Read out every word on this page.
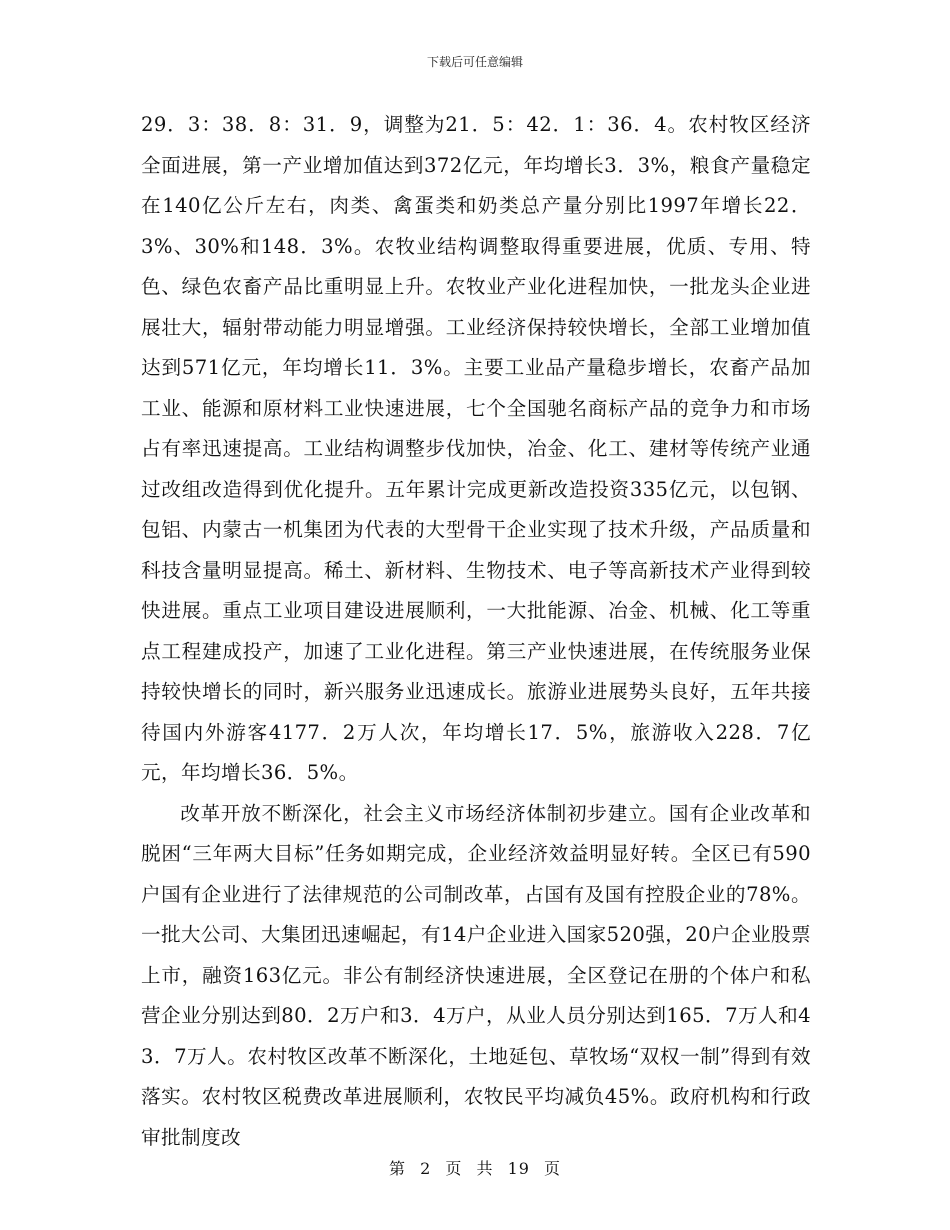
下载后可任意编辑

29．3：38．8：31．9，调整为21．5：42．1：36．4。农村牧区经济全面进展，第一产业增加值达到372亿元，年均增长3．3%，粮食产量稳定在140亿公斤左右，肉类、禽蛋类和奶类总产量分别比1997年增长22．3%、30%和148．3%。农牧业结构调整取得重要进展，优质、专用、特色、绿色农畜产品比重明显上升。农牧业产业化进程加快，一批龙头企业进展壮大，辐射带动能力明显增强。工业经济保持较快增长，全部工业增加值达到571亿元，年均增长11．3%。主要工业品产量稳步增长，农畜产品加工业、能源和原材料工业快速进展，七个全国驰名商标产品的竞争力和市场占有率迅速提高。工业结构调整步伐加快，冶金、化工、建材等传统产业通过改组改造得到优化提升。五年累计完成更新改造投资335亿元，以包钢、包铝、内蒙古一机集团为代表的大型骨干企业实现了技术升级，产品质量和科技含量明显提高。稀土、新材料、生物技术、电子等高新技术产业得到较快进展。重点工业项目建设进展顺利，一大批能源、冶金、机械、化工等重点工程建成投产，加速了工业化进程。第三产业快速进展，在传统服务业保持较快增长的同时，新兴服务业迅速成长。旅游业进展势头良好，五年共接待国内外游客4177．2万人次，年均增长17．5%，旅游收入228．7亿元，年均增长36．5%。

改革开放不断深化，社会主义市场经济体制初步建立。国有企业改革和脱困“三年两大目标”任务如期完成，企业经济效益明显好转。全区已有590户国有企业进行了法律规范的公司制改革，占国有及国有控股企业的78%。一批大公司、大集团迅速崛起，有14户企业进入国家520强，20户企业股票上市，融资163亿元。非公有制经济快速进展，全区登记在册的个体户和私营企业分别达到80．2万户和3．4万户，从业人员分别达到165．7万人和43．7万人。农村牧区改革不断深化，土地延包、草牧场“双权一制”得到有效落实。农村牧区税费改革进展顺利，农牧民平均减负45%。政府机构和行政审批制度改

第 2 页 共 19 页
